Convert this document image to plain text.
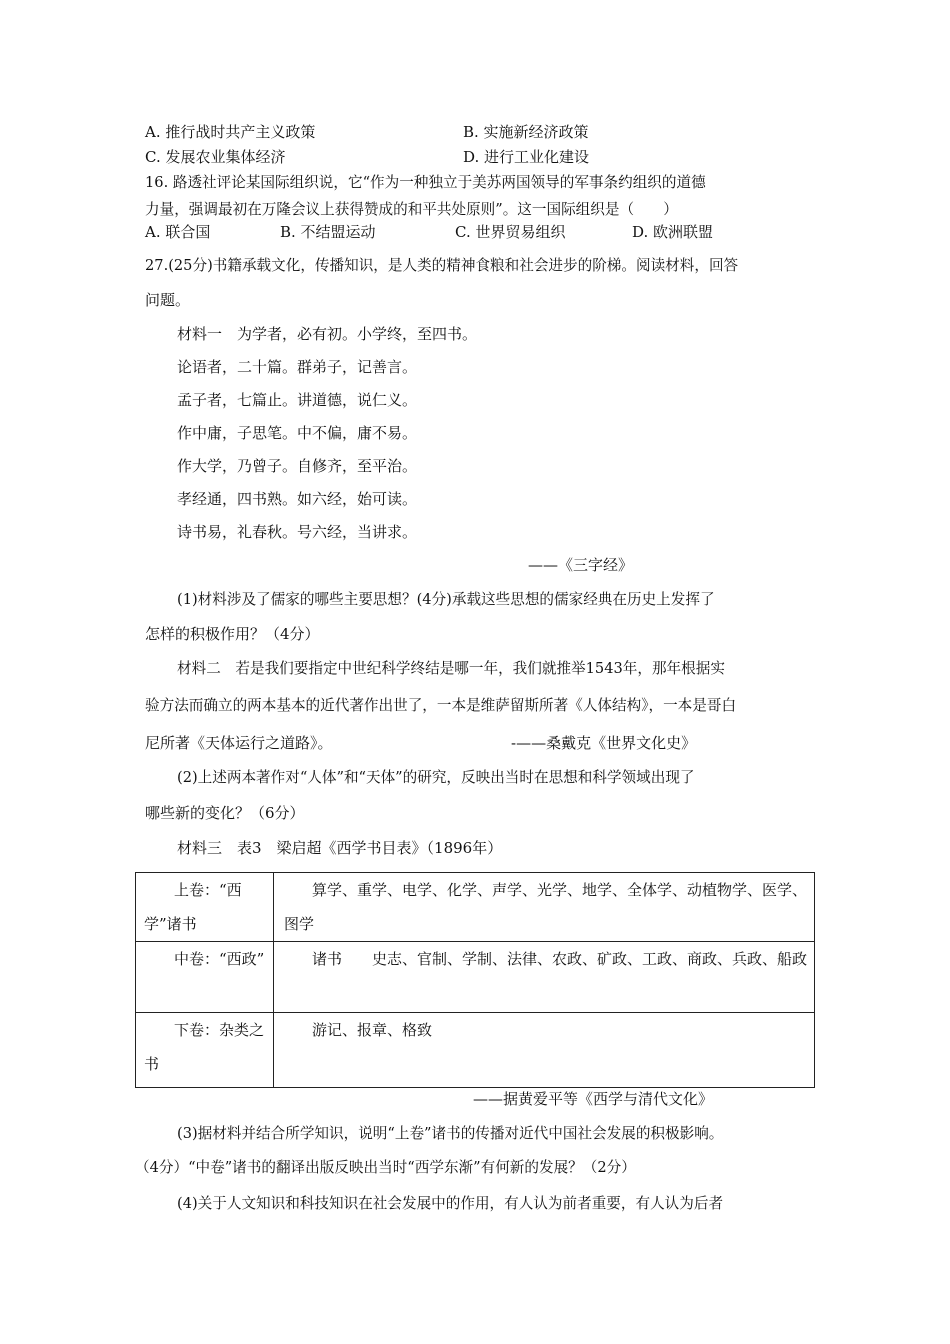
A. 推行战时共产主义政策	B. 实施新经济政策
C. 发展农业集体经济	D. 进行工业化建设
16. 路透社评论某国际组织说，它“作为一种独立于美苏两国领导的军事条约组织的道德
力量，强调最初在万隆会议上获得赞成的和平共处原则”。这一国际组织是（　　）
A. 联合国	B. 不结盟运动	C. 世界贸易组织	D. 欧洲联盟
27.(25分)书籍承载文化，传播知识，是人类的精神食粮和社会进步的阶梯。阅读材料，回答
问题。
材料一　为学者，必有初。小学终，至四书。
论语者，二十篇。群弟子，记善言。
孟子者，七篇止。讲道德，说仁义。
作中庸，子思笔。中不偏，庸不易。
作大学，乃曾子。自修齐，至平治。
孝经通，四书熟。如六经，始可读。
诗书易，礼春秋。号六经，当讲求。
——《三字经》
(1)材料涉及了儒家的哪些主要思想？(4分)承载这些思想的儒家经典在历史上发挥了
怎样的积极作用？（4分）
材料二　若是我们要指定中世纪科学终结是哪一年，我们就推举1543年，那年根据实
验方法而确立的两本基本的近代著作出世了，一本是维萨留斯所著《人体结构》，一本是哥白
尼所著《天体运行之道路》。	-——桑戴克《世界文化史》
(2)上述两本著作对“人体”和“天体”的研究，反映出当时在思想和科学领域出现了
哪些新的变化？（6分）
材料三　表3　梁启超《西学书目表》（1896年）
上卷：“西学”诸书	算学、重学、电学、化学、声学、光学、地学、全体学、动植物学、医学、图学
中卷：“西政”	诸书 史志、官制、学制、法律、农政、矿政、工政、商政、兵政、船政
下卷：杂类之书	游记、报章、格致
——据黄爱平等《西学与清代文化》
(3)据材料并结合所学知识，说明“上卷”诸书的传播对近代中国社会发展的积极影响。
（4分）“中卷”诸书的翻译出版反映出当时“西学东渐”有何新的发展？（2分）
(4)关于人文知识和科技知识在社会发展中的作用，有人认为前者重要，有人认为后者
